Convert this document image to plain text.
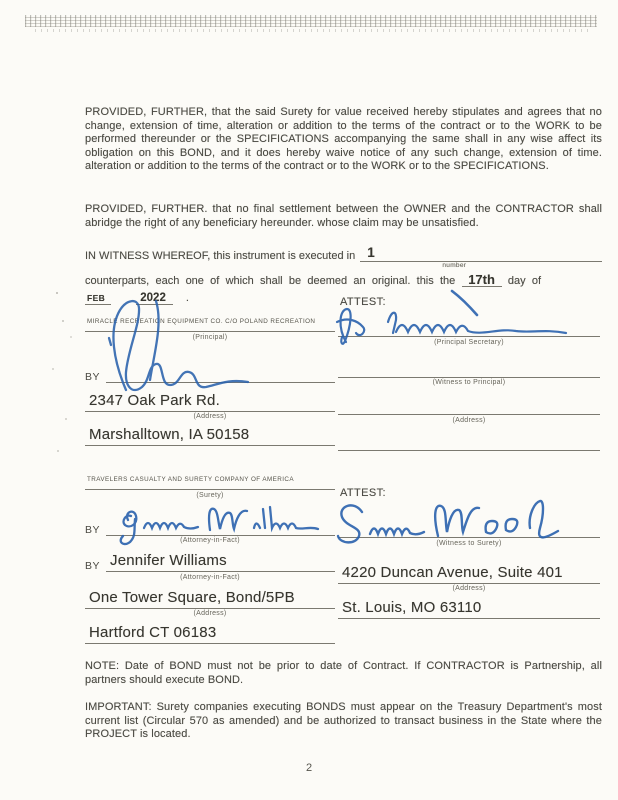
PROVIDED, FURTHER, that the said Surety for value received hereby stipulates and agrees that no change, extension of time, alteration or addition to the terms of the contract or to the WORK to be performed thereunder or the SPECIFICATIONS accompanying the same shall in any wise affect its obligation on this BOND, and it does hereby waive notice of any such change, extension of time. alteration or addition to the terms of the contract or to the WORK or to the SPECIFICATIONS.
PROVIDED, FURTHER. that no final settlement between the OWNER and the CONTRACTOR shall abridge the right of any beneficiary hereunder. whose claim may be unsatisfied.
IN WITNESS WHEREOF, this instrument is executed in 1
number
counterparts, each one of which shall be deemed an original. this the 17th day of
FEB	2022 .	ATTEST:
MIRACLE RECREATION EQUIPMENT CO. C/O POLAND RECREATION
(Principal)
BY
2347 Oak Park Rd.
(Address)
Marshalltown, IA 50158
(Principal Secretary)
(Witness to Principal)
(Address)
ATTEST:
TRAVELERS CASUALTY AND SURETY COMPANY OF AMERICA
(Surety)
BY
(Attorney-in-Fact)
BY Jennifer Williams
(Attorney-in-Fact)
One Tower Square, Bond/5PB
(Address)
Hartford CT 06183
(Witness to Surety)
4220 Duncan Avenue, Suite 401
(Address)
St. Louis, MO 63110
NOTE: Date of BOND must not be prior to date of Contract. If CONTRACTOR is Partnership, all partners should execute BOND.
IMPORTANT: Surety companies executing BONDS must appear on the Treasury Department's most current list (Circular 570 as amended) and be authorized to transact business in the State where the PROJECT is located.
2
